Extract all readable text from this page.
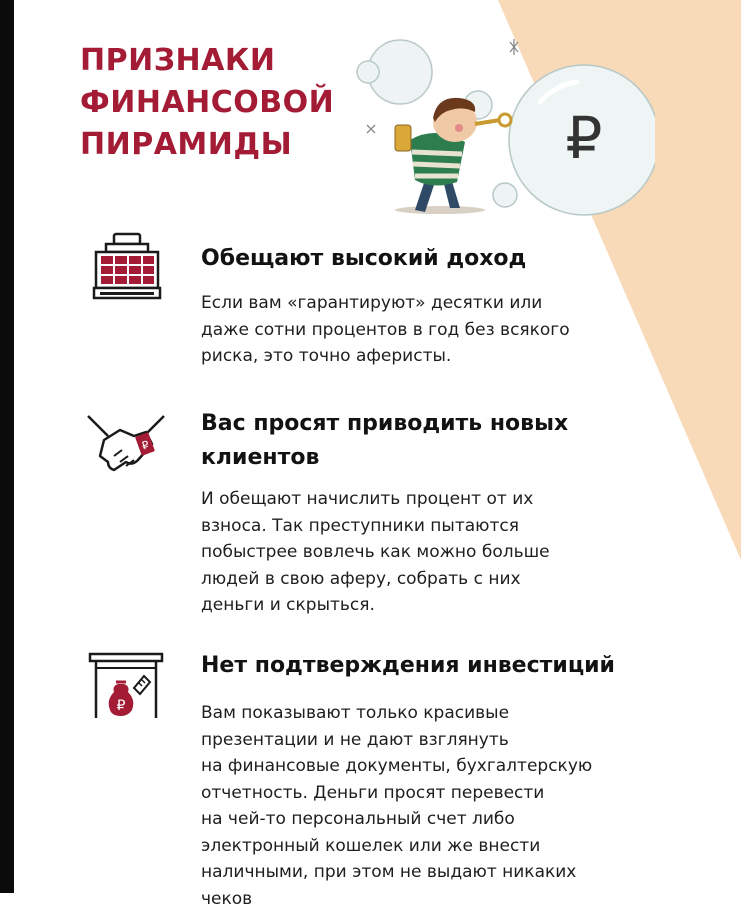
ПРИЗНАКИ
ФИНАНСОВОЙ
ПИРАМИДЫ	₽
Обещают высокий доход

Если вам «гарантируют» десятки или
даже сотни процентов в год без всякого
риска, это точно аферисты.

₽
Вас просят приводить новых
клиентов

И обещают начислить процент от их
взноса. Так преступники пытаются
побыстрее вовлечь как можно больше
людей в свою аферу, собрать с них
деньги и скрыться.

₽
Нет подтверждения инвестиций

Вам показывают только красивые
презентации и не дают взглянуть
на финансовые документы, бухгалтерскую
отчетность. Деньги просят перевести
на чей-то персональный счет либо
электронный кошелек или же внести
наличными, при этом не выдают никаких
чеков
